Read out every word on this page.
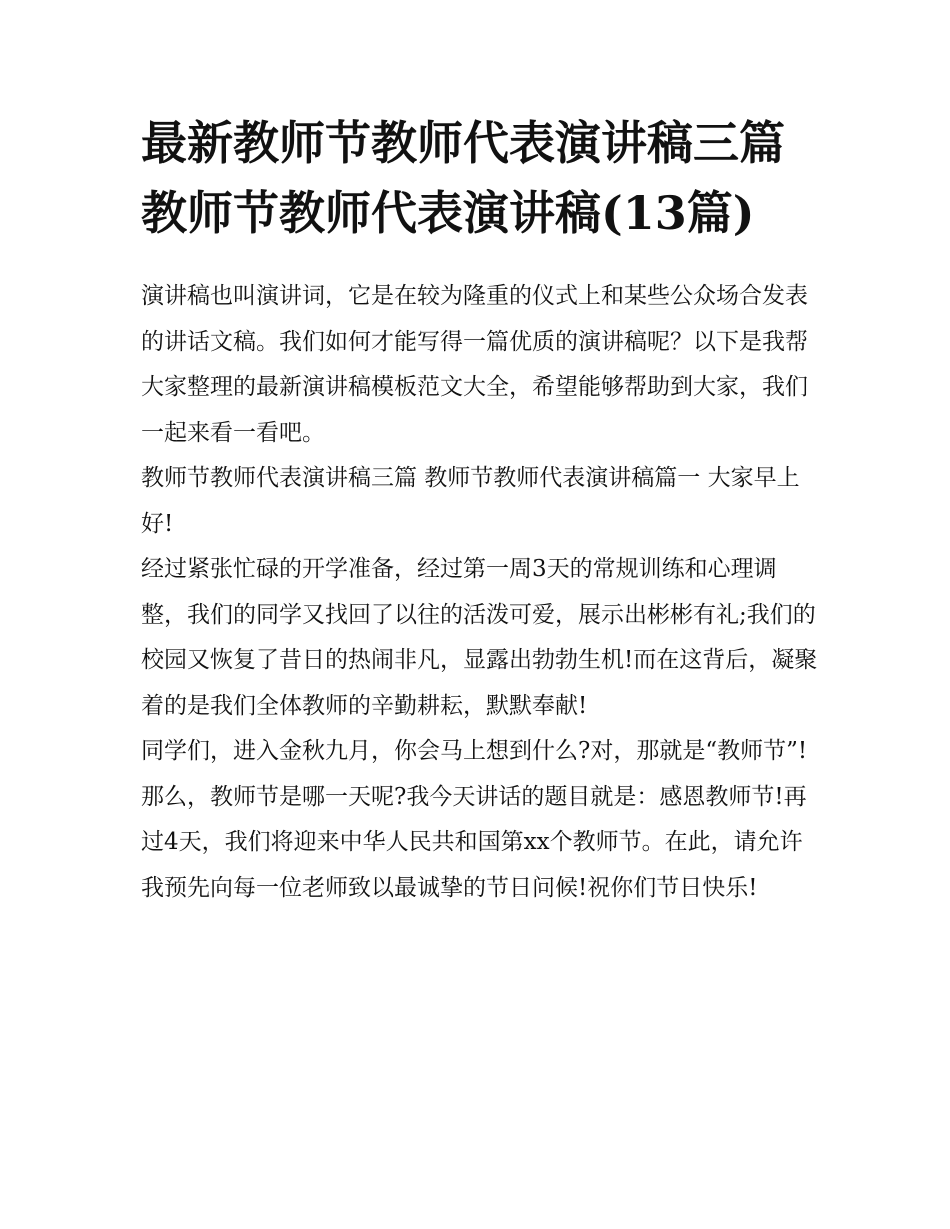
最新教师节教师代表演讲稿三篇 教师节教师代表演讲稿(13篇)

演讲稿也叫演讲词，它是在较为隆重的仪式上和某些公众场合发表的讲话文稿。我们如何才能写得一篇优质的演讲稿呢？以下是我帮大家整理的最新演讲稿模板范文大全，希望能够帮助到大家，我们一起来看一看吧。

教师节教师代表演讲稿三篇 教师节教师代表演讲稿篇一 大家早上好!

经过紧张忙碌的开学准备，经过第一周3天的常规训练和心理调整，我们的同学又找回了以往的活泼可爱，展示出彬彬有礼;我们的校园又恢复了昔日的热闹非凡，显露出勃勃生机!而在这背后，凝聚着的是我们全体教师的辛勤耕耘，默默奉献!

同学们，进入金秋九月，你会马上想到什么?对，那就是“教师节”!那么，教师节是哪一天呢?我今天讲话的题目就是：感恩教师节!再过4天，我们将迎来中华人民共和国第xx个教师节。在此，请允许我预先向每一位老师致以最诚挚的节日问候!祝你们节日快乐!
